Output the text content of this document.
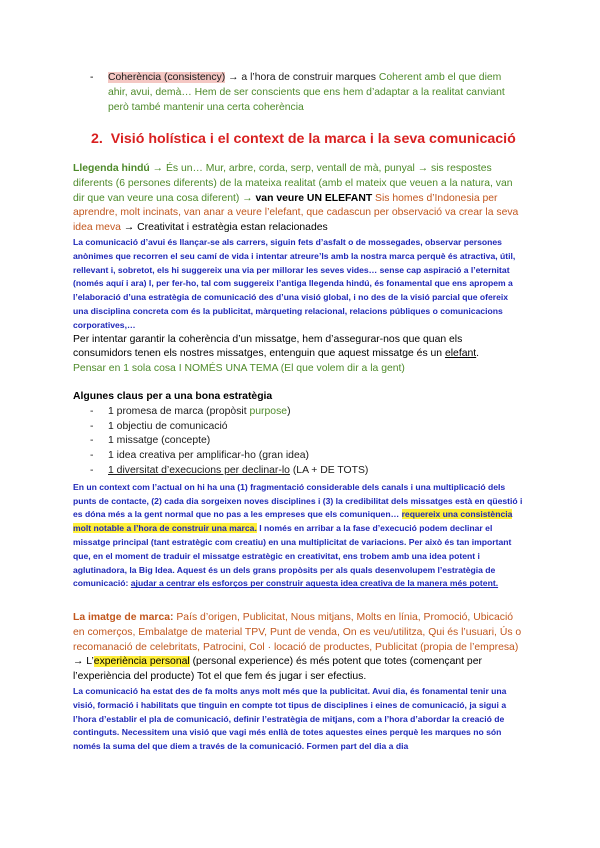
-	Coherència (consistency) → a l’hora de construir marques Coherent amb el que diem ahir, avui, demà… Hem de ser conscients que ens hem d’adaptar a la realitat canviant però també mantenir una certa coherència

2. Visió holística i el context de la marca i la seva comunicació

Llegenda hindú → És un… Mur, arbre, corda, serp, ventall de mà, punyal → sis respostes diferents (6 persones diferents) de la mateixa realitat (amb el mateix que veuen a la natura, van dir que van veure una cosa diferent) → van veure UN ELEFANT Sis homes d’Indonesia per aprendre, molt incinats, van anar a veure l’elefant, que cadascun per observació va crear la seva idea meva → Creativitat i estratègia estan relacionades

La comunicació d’avui és llançar-se als carrers, siguin fets d’asfalt o de mossegades, observar persones anònimes que recorren el seu camí de vida i intentar atreure’ls amb la nostra marca perquè és atractiva, útil, rellevant i, sobretot, els hi suggereix una via per millorar les seves vides… sense cap aspiració a l’eternitat (només aquí i ara) I, per fer-ho, tal com suggereix l’antiga llegenda hindú, és fonamental que ens apropem a l’elaboració d’una estratègia de comunicació des d’una visió global, i no des de la visió parcial que ofereix una disciplina concreta com és la publicitat, màrqueting relacional, relacions públiques o comunicacions corporatives,…

Per intentar garantir la coherència d’un missatge, hem d’assegurar-nos que quan els consumidors tenen els nostres missatges, entenguin que aquest missatge és un elefant.

Pensar en 1 sola cosa I NOMÉS UNA TEMA (El que volem dir a la gent)

Algunes claus per a una bona estratègia

- 1 promesa de marca (propòsit purpose)
- 1 objectiu de comunicació
- 1 missatge (concepte)
- 1 idea creativa per amplificar-ho (gran idea)
- 1 diversitat d’execucions per declinar-lo (LA + DE TOTS)

En un context com l’actual on hi ha una (1) fragmentació considerable dels canals i una multiplicació dels punts de contacte, (2) cada dia sorgeixen noves disciplines i (3) la credibilitat dels missatges està en qüestió i es dóna més a la gent normal que no pas a les empreses que els comuniquen… requereix una consistència molt notable a l’hora de construir una marca. I només en arribar a la fase d’execució podem declinar el missatge principal (tant estratègic com creatiu) en una multiplicitat de variacions. Per això és tan important que, en el moment de traduir el missatge estratègic en creativitat, ens trobem amb una idea potent i aglutinadora, la Big Idea. Aquest és un dels grans propòsits per als quals desenvolupem l’estratègia de comunicació: ajudar a centrar els esforços per construir aquesta idea creativa de la manera més potent.

La imatge de marca: País d’origen, Publicitat, Nous mitjans, Molts en línia, Promoció, Ubicació en comerços, Embalatge de material TPV, Punt de venda, On es veu/utilitza, Qui és l’usuari, Ús o recomanació de celebritats, Patrocini, Col · locació de productes, Publicitat (propia de l’empresa)

→ L’experiència personal (personal experience) és més potent que totes (començant per l’experiència del producte) Tot el que fem és jugar i ser efectius.

La comunicació ha estat des de fa molts anys molt més que la publicitat. Avui dia, és fonamental tenir una visió, formació i habilitats que tinguin en compte tot tipus de disciplines i eines de comunicació, ja sigui a l’hora d’establir el pla de comunicació, definir l’estratègia de mitjans, com a l’hora d’abordar la creació de continguts. Necessitem una visió que vagi més enllà de totes aquestes eines perquè les marques no són només la suma del que diem a través de la comunicació. Formen part del dia a dia
